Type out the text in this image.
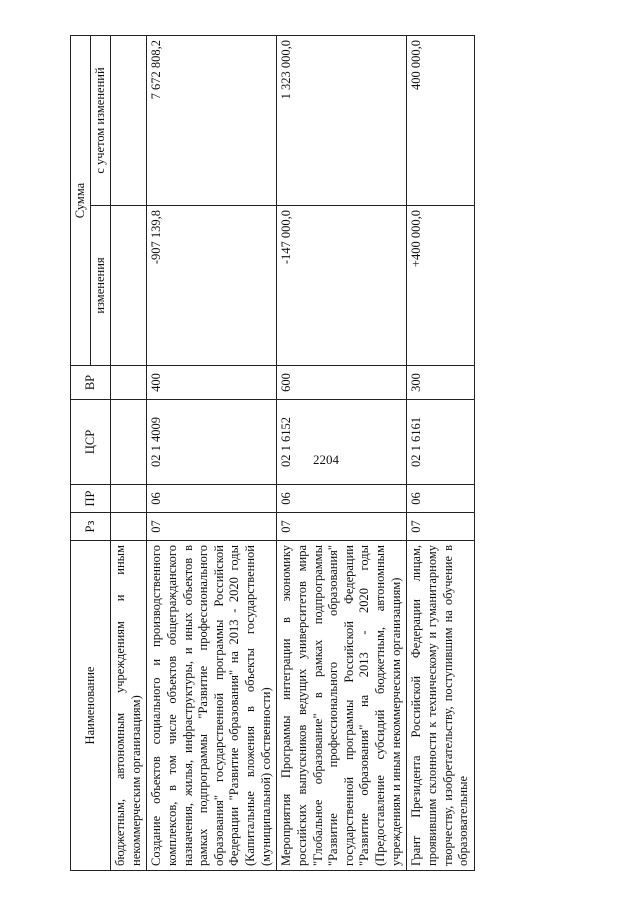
2204
Наименование	Рз	ПР	ЦСР	ВР	Сумма	
					изменения	с учетом изменений
бюджетным, автономным учреждениям и иным некоммерческим организациям)						
Создание объектов социального и производственного комплексов, в том числе объектов общегражданского назначения, жилья, инфраструктуры, и иных объектов в рамках подпрограммы "Развитие профессионального образования" государственной программы Российской Федерации "Развитие образования" на 2013 - 2020 годы (Капитальные вложения в объекты государственной (муниципальной) собственности)	07	06	02 1 4009	400	-907 139,8	7 672 808,2
Мероприятия Программы интеграции в экономику российских выпускников ведущих университетов мира "Глобальное образование" в рамках подпрограммы "Развитие профессионального образования" государственной программы Российской Федерации "Развитие образования" на 2013 - 2020 годы (Предоставление субсидий бюджетным, автономным учреждениям и иным некоммерческим организациям)	07	06	02 1 6152	600	-147 000,0	1 323 000,0
Грант Президента Российской Федерации лицам, проявившим склонности к техническому и гуманитарному творчеству, изобретательству, поступившим на обучение в образовательные	07	06	02 1 6161	300	+400 000,0	400 000,0
